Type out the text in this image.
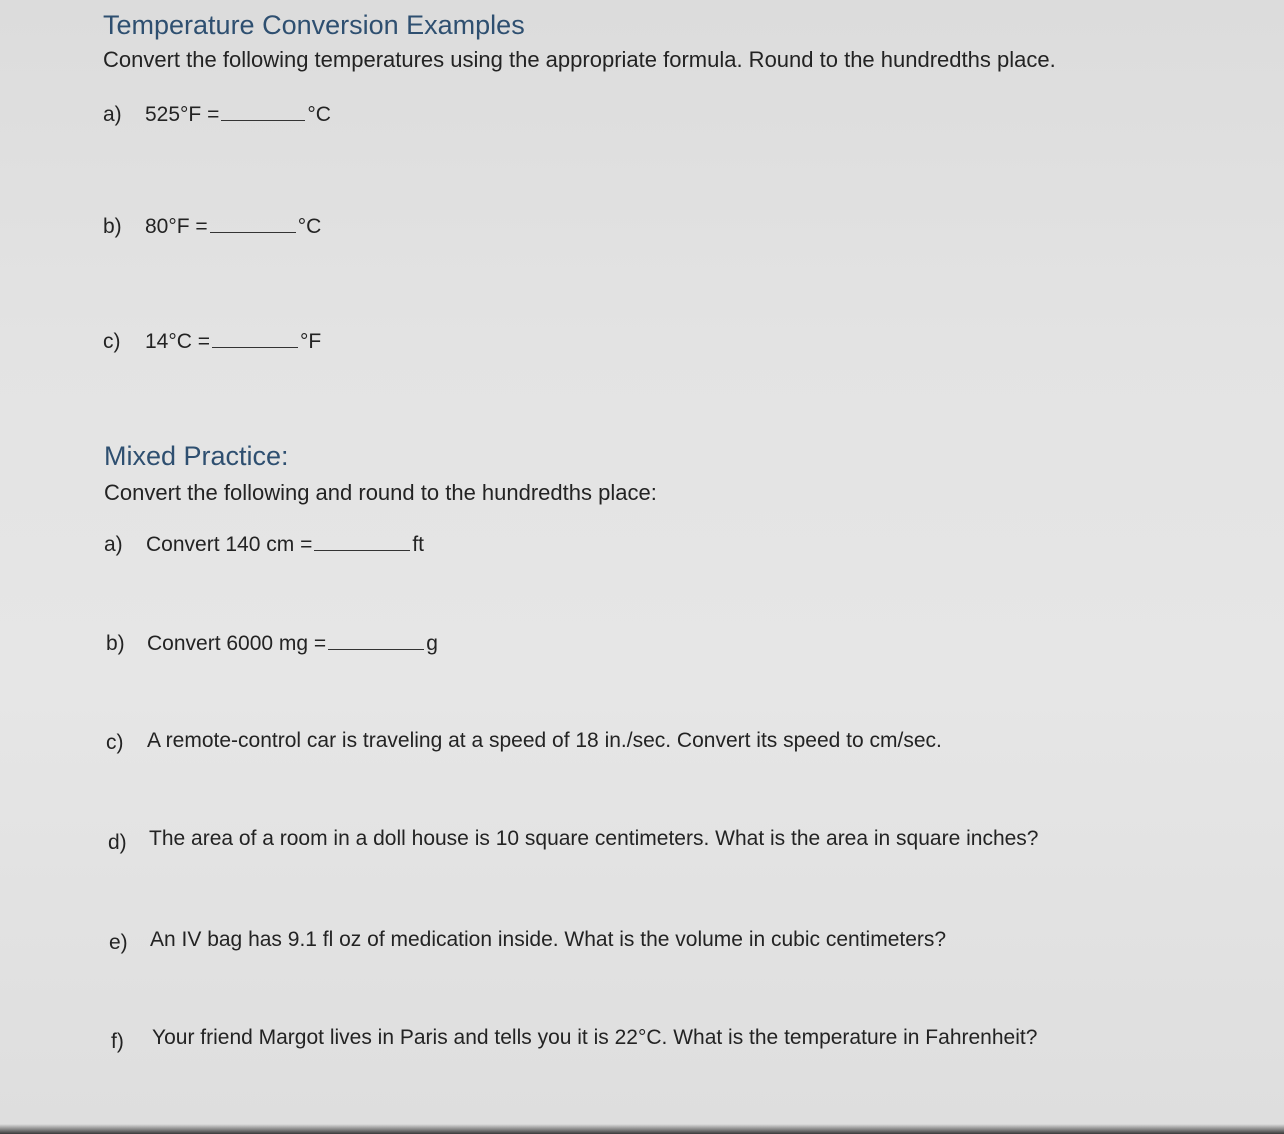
Temperature Conversion Examples
Convert the following temperatures using the appropriate formula. Round to the hundredths place.
a)	525°F =	°C
b)	80°F =	°C
c)	14°C =	°F
Mixed Practice:
Convert the following and round to the hundredths place:
a)	Convert 140 cm =	ft
b)	Convert 6000 mg =	g
c) A remote-control car is traveling at a speed of 18 in./sec. Convert its speed to cm/sec.
d) The area of a room in a doll house is 10 square centimeters. What is the area in square inches?
e) An IV bag has 9.1 fl oz of medication inside. What is the volume in cubic centimeters?
f) Your friend Margot lives in Paris and tells you it is 22°C. What is the temperature in Fahrenheit?
